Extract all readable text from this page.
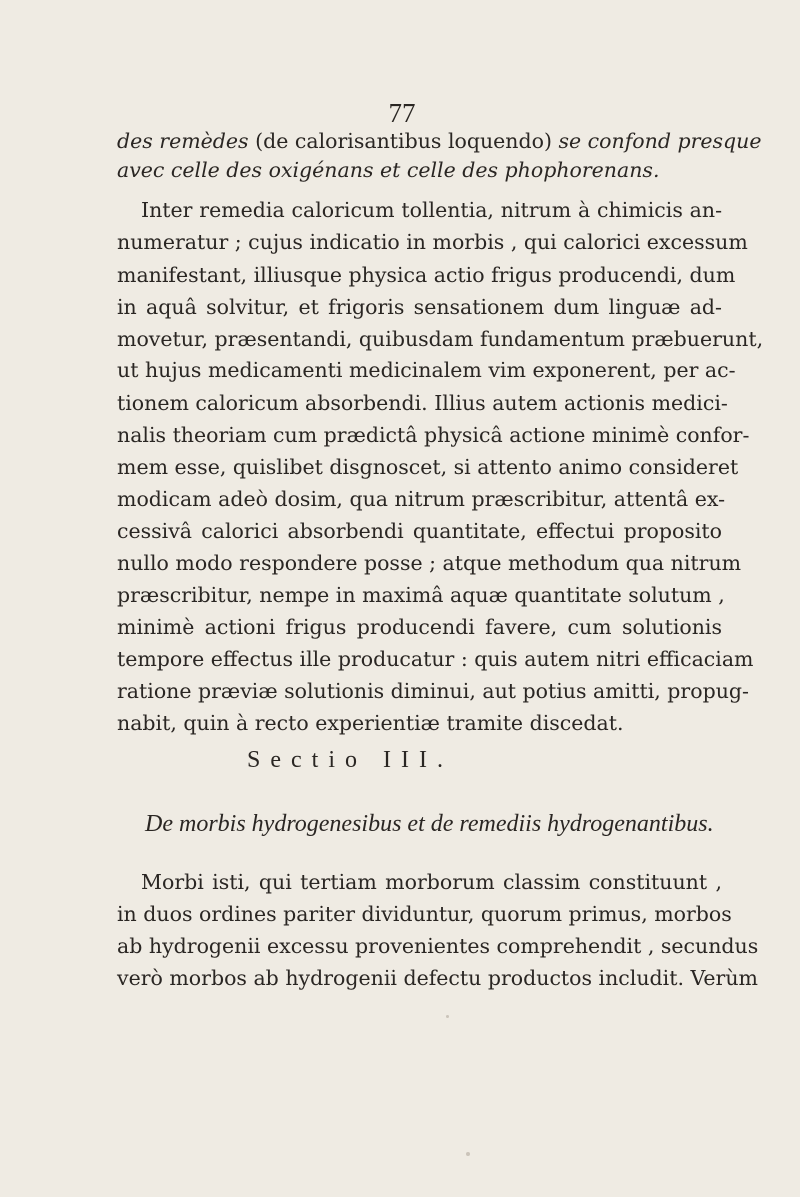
77
des remèdes (de calorisantibus loquendo) se confond presque
avec celle des oxigénans et celle des phophorenans.
Inter remedia caloricum tollentia, nitrum à chimicis an-
numeratur ; cujus indicatio in morbis , qui calorici excessum
manifestant, illiusque physica actio frigus producendi, dum
in aquâ solvitur, et frigoris sensationem dum linguæ ad-
movetur, præsentandi, quibusdam fundamentum præbuerunt,
ut hujus medicamenti medicinalem vim exponerent, per ac-
tionem caloricum absorbendi. Illius autem actionis medici-
nalis theoriam cum prædictâ physicâ actione minimè confor-
mem esse, quislibet disgnoscet, si attento animo consideret
modicam adeò dosim, qua nitrum præscribitur, attentâ ex-
cessivâ calorici absorbendi quantitate, effectui proposito
nullo modo respondere posse ; atque methodum qua nitrum
præscribitur, nempe in maximâ aquæ quantitate solutum ,
minimè actioni frigus producendi favere, cum solutionis
tempore effectus ille producatur : quis autem nitri efficaciam
ratione præviæ solutionis diminui, aut potius amitti, propug-
nabit, quin à recto experientiæ tramite discedat.
Sectio III.
De morbis hydrogenesibus et de remediis hydrogenantibus.
Morbi isti, qui tertiam morborum classim constituunt ,
in duos ordines pariter dividuntur, quorum primus, morbos
ab hydrogenii excessu provenientes comprehendit , secundus
verò morbos ab hydrogenii defectu productos includit. Verùm
